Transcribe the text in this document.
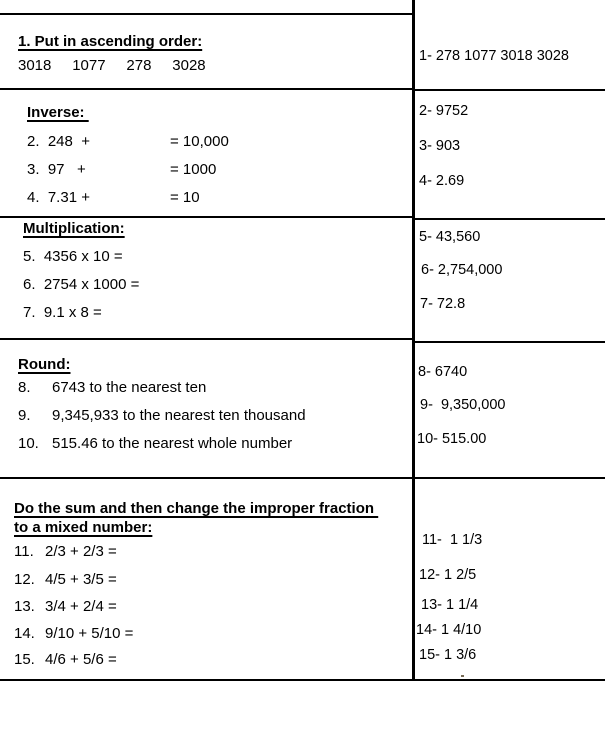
1. Put in ascending order:
3018     1077     278     3028
Inverse:
2.  248  +	= 10,000
3.  97   +	= 1000
4.  7.31 +	= 10
Multiplication:
5.  4356 x 10 =
6.  2754 x 1000 =
7.  9.1 x 8 =
Round:
8. 6743 to the nearest ten
9. 9,345,933 to the nearest ten thousand
10. 515.46 to the nearest whole number
Do the sum and then change the improper fraction
to a mixed number:
11. 2/3 + 2/3 =
12. 4/5 + 3/5 =
13. 3/4 + 2/4 =
14. 9/10 + 5/10 =
15. 4/6 + 5/6 =
1- 278 1077 3018 3028
2- 9752
3- 903
4- 2.69
5- 43,560
6- 2,754,000
7- 72.8
8- 6740
9-  9,350,000
10- 515.00
11-  1 1/3
12- 1 2/5
13- 1 1/4
14- 1 4/10
15- 1 3/6
